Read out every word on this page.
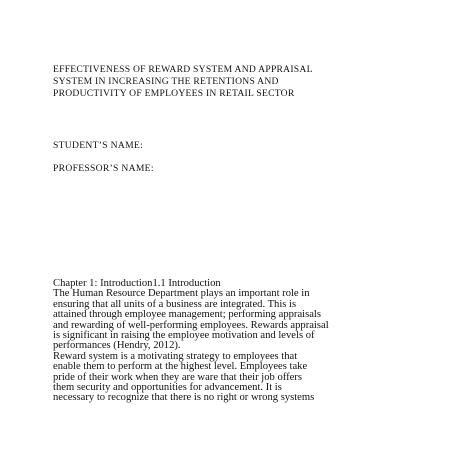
EFFECTIVENESS OF REWARD SYSTEM AND APPRAISAL
SYSTEM IN INCREASING THE RETENTIONS AND
PRODUCTIVITY OF EMPLOYEES IN RETAIL SECTOR
STUDENT’S NAME:
PROFESSOR’S NAME:
Chapter 1: Introduction1.1 Introduction
The Human Resource Department plays an important role in
ensuring that all units of a business are integrated. This is
attained through employee management; performing appraisals
and rewarding of well-performing employees. Rewards appraisal
is significant in raising the employee motivation and levels of
performances (Hendry, 2012).
Reward system is a motivating strategy to employees that
enable them to perform at the highest level. Employees take
pride of their work when they are ware that their job offers
them security and opportunities for advancement. It is
necessary to recognize that there is no right or wrong systems
